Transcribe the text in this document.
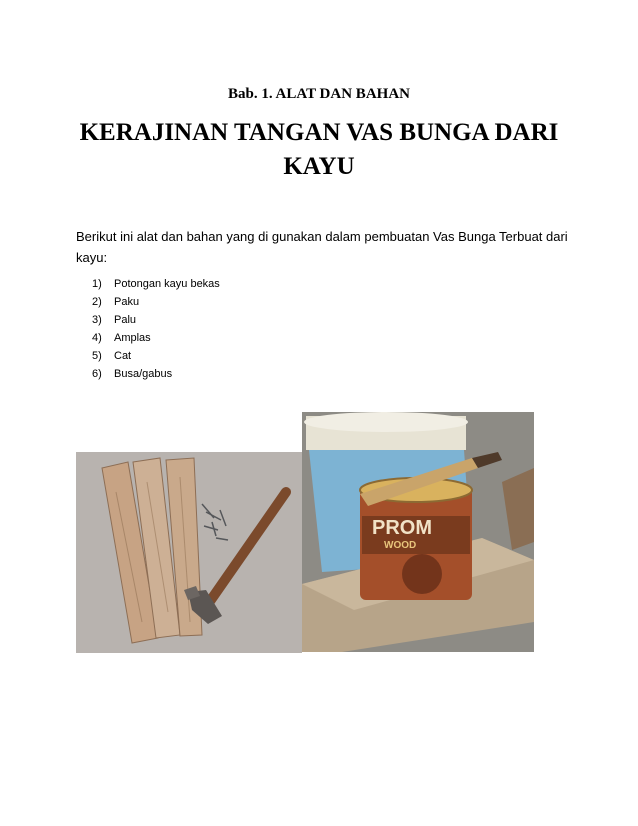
Bab. 1. ALAT DAN BAHAN
KERAJINAN TANGAN VAS BUNGA DARI
KAYU
Berikut ini alat dan bahan yang di gunakan dalam pembuatan Vas Bunga Terbuat dari kayu:
1) Potongan kayu bekas
2) Paku
3) Palu
4) Amplas
5) Cat
6) Busa/gabus
PROM
WOOD
